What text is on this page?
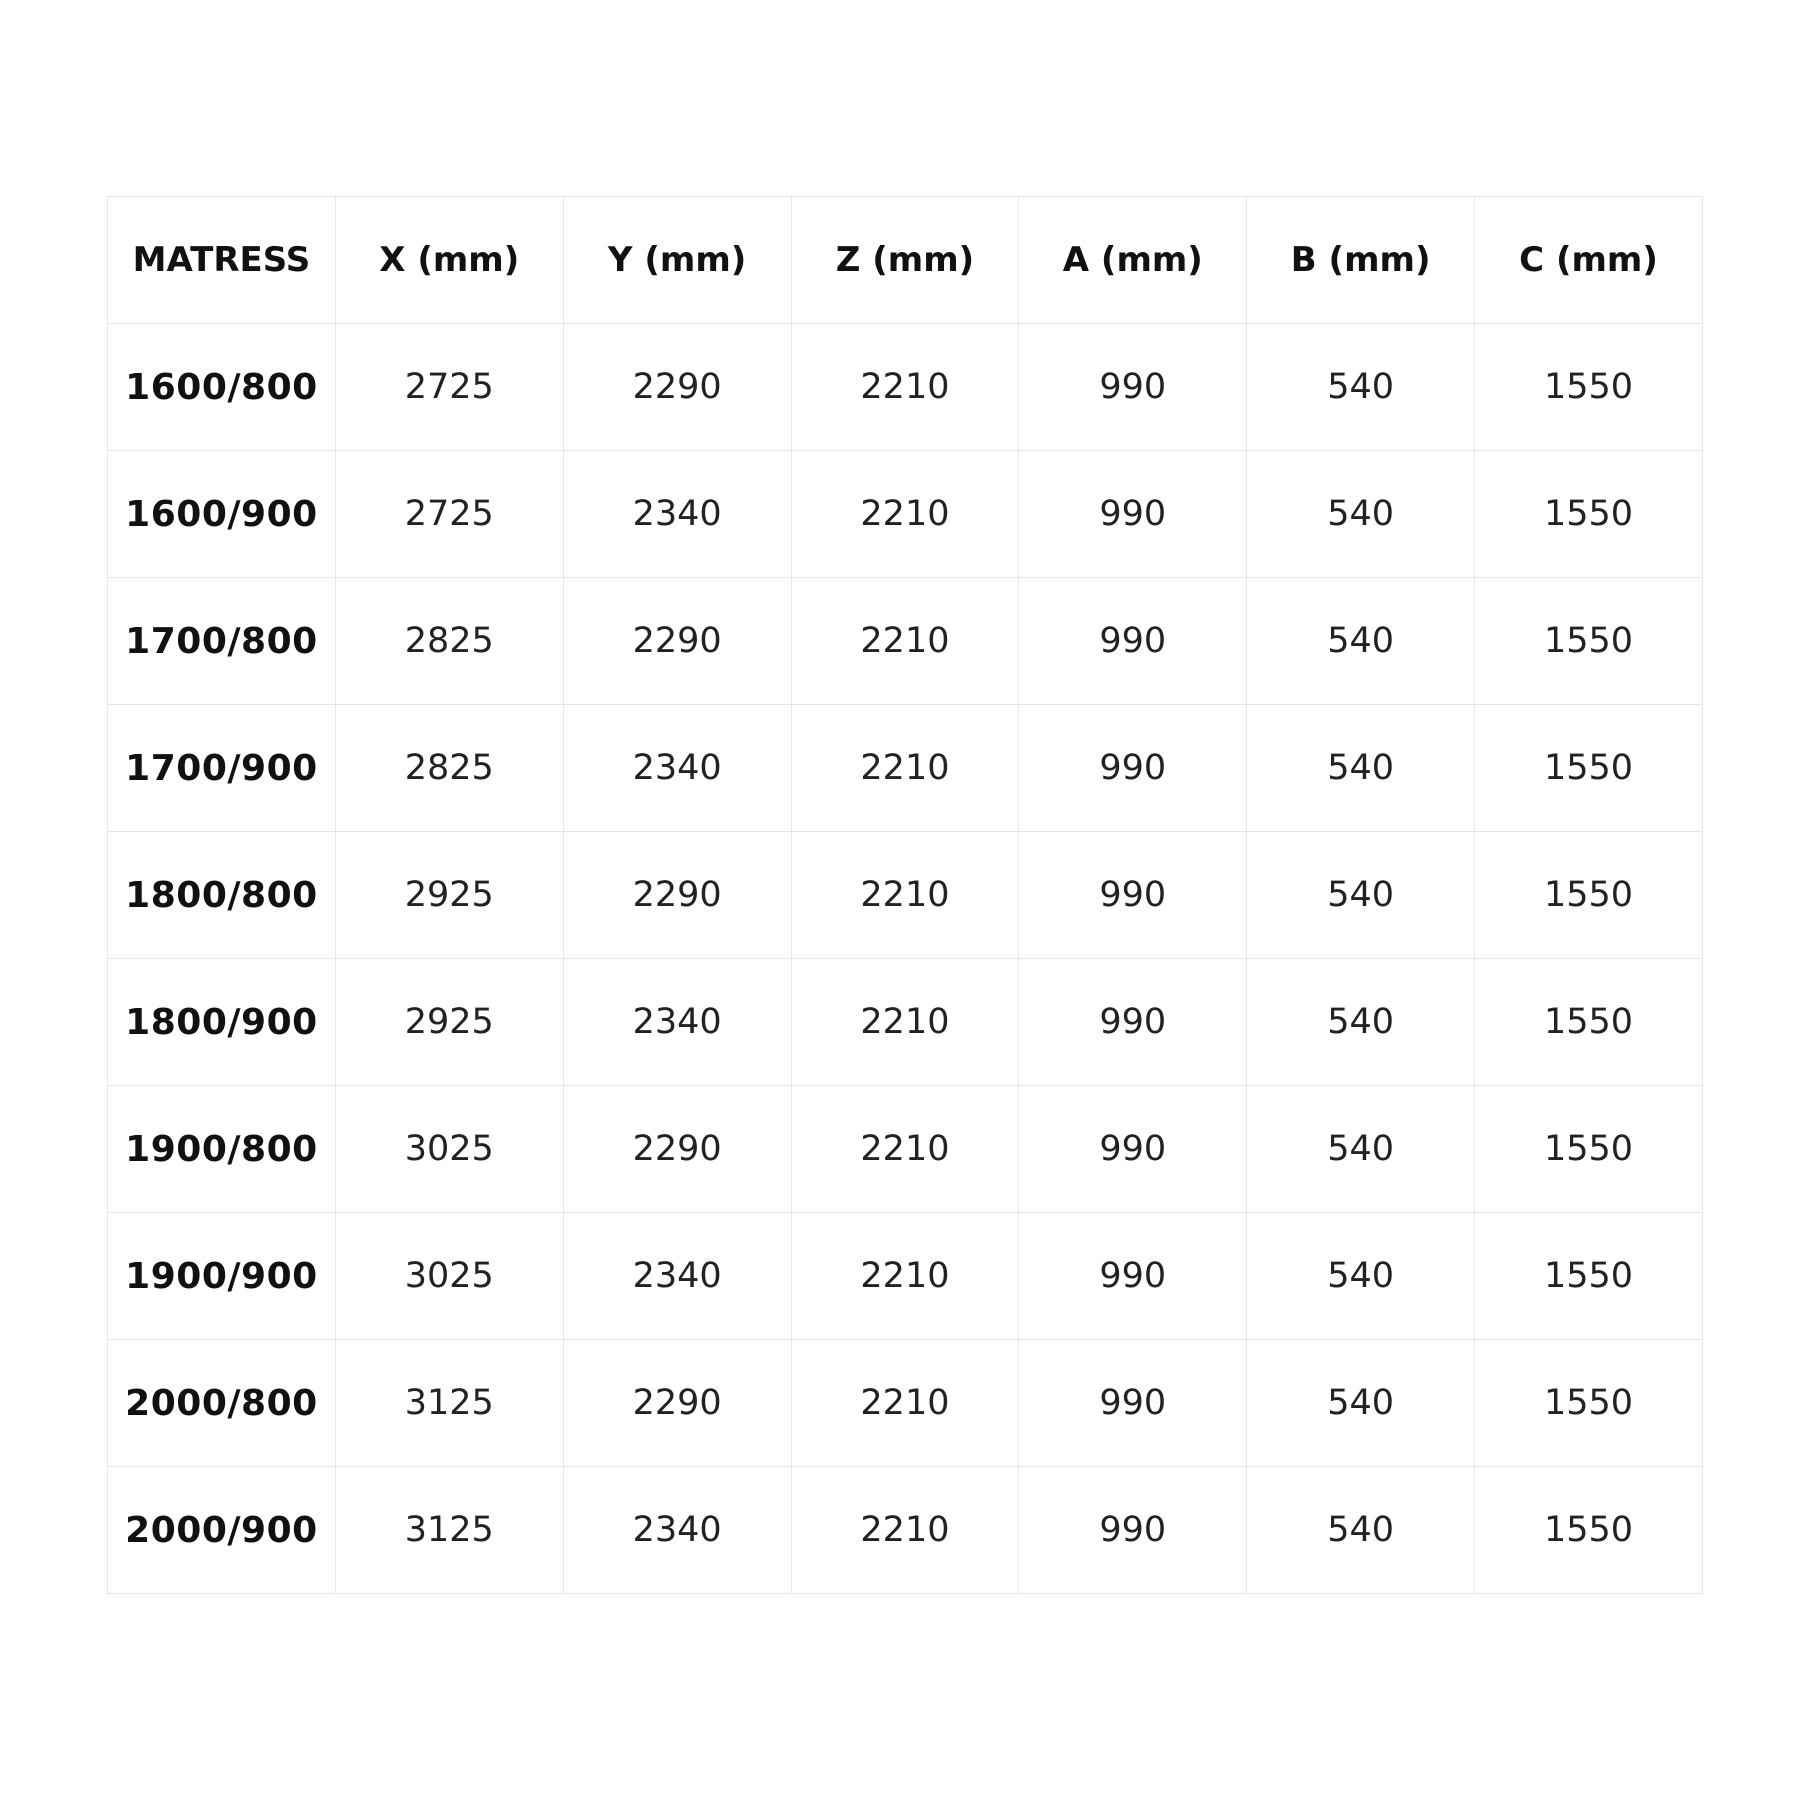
MATRESS	X (mm)	Y (mm)	Z (mm)	A (mm)	B (mm)	C (mm)
1600/800	2725	2290	2210	990	540	1550
1600/900	2725	2340	2210	990	540	1550
1700/800	2825	2290	2210	990	540	1550
1700/900	2825	2340	2210	990	540	1550
1800/800	2925	2290	2210	990	540	1550
1800/900	2925	2340	2210	990	540	1550
1900/800	3025	2290	2210	990	540	1550
1900/900	3025	2340	2210	990	540	1550
2000/800	3125	2290	2210	990	540	1550
2000/900	3125	2340	2210	990	540	1550
